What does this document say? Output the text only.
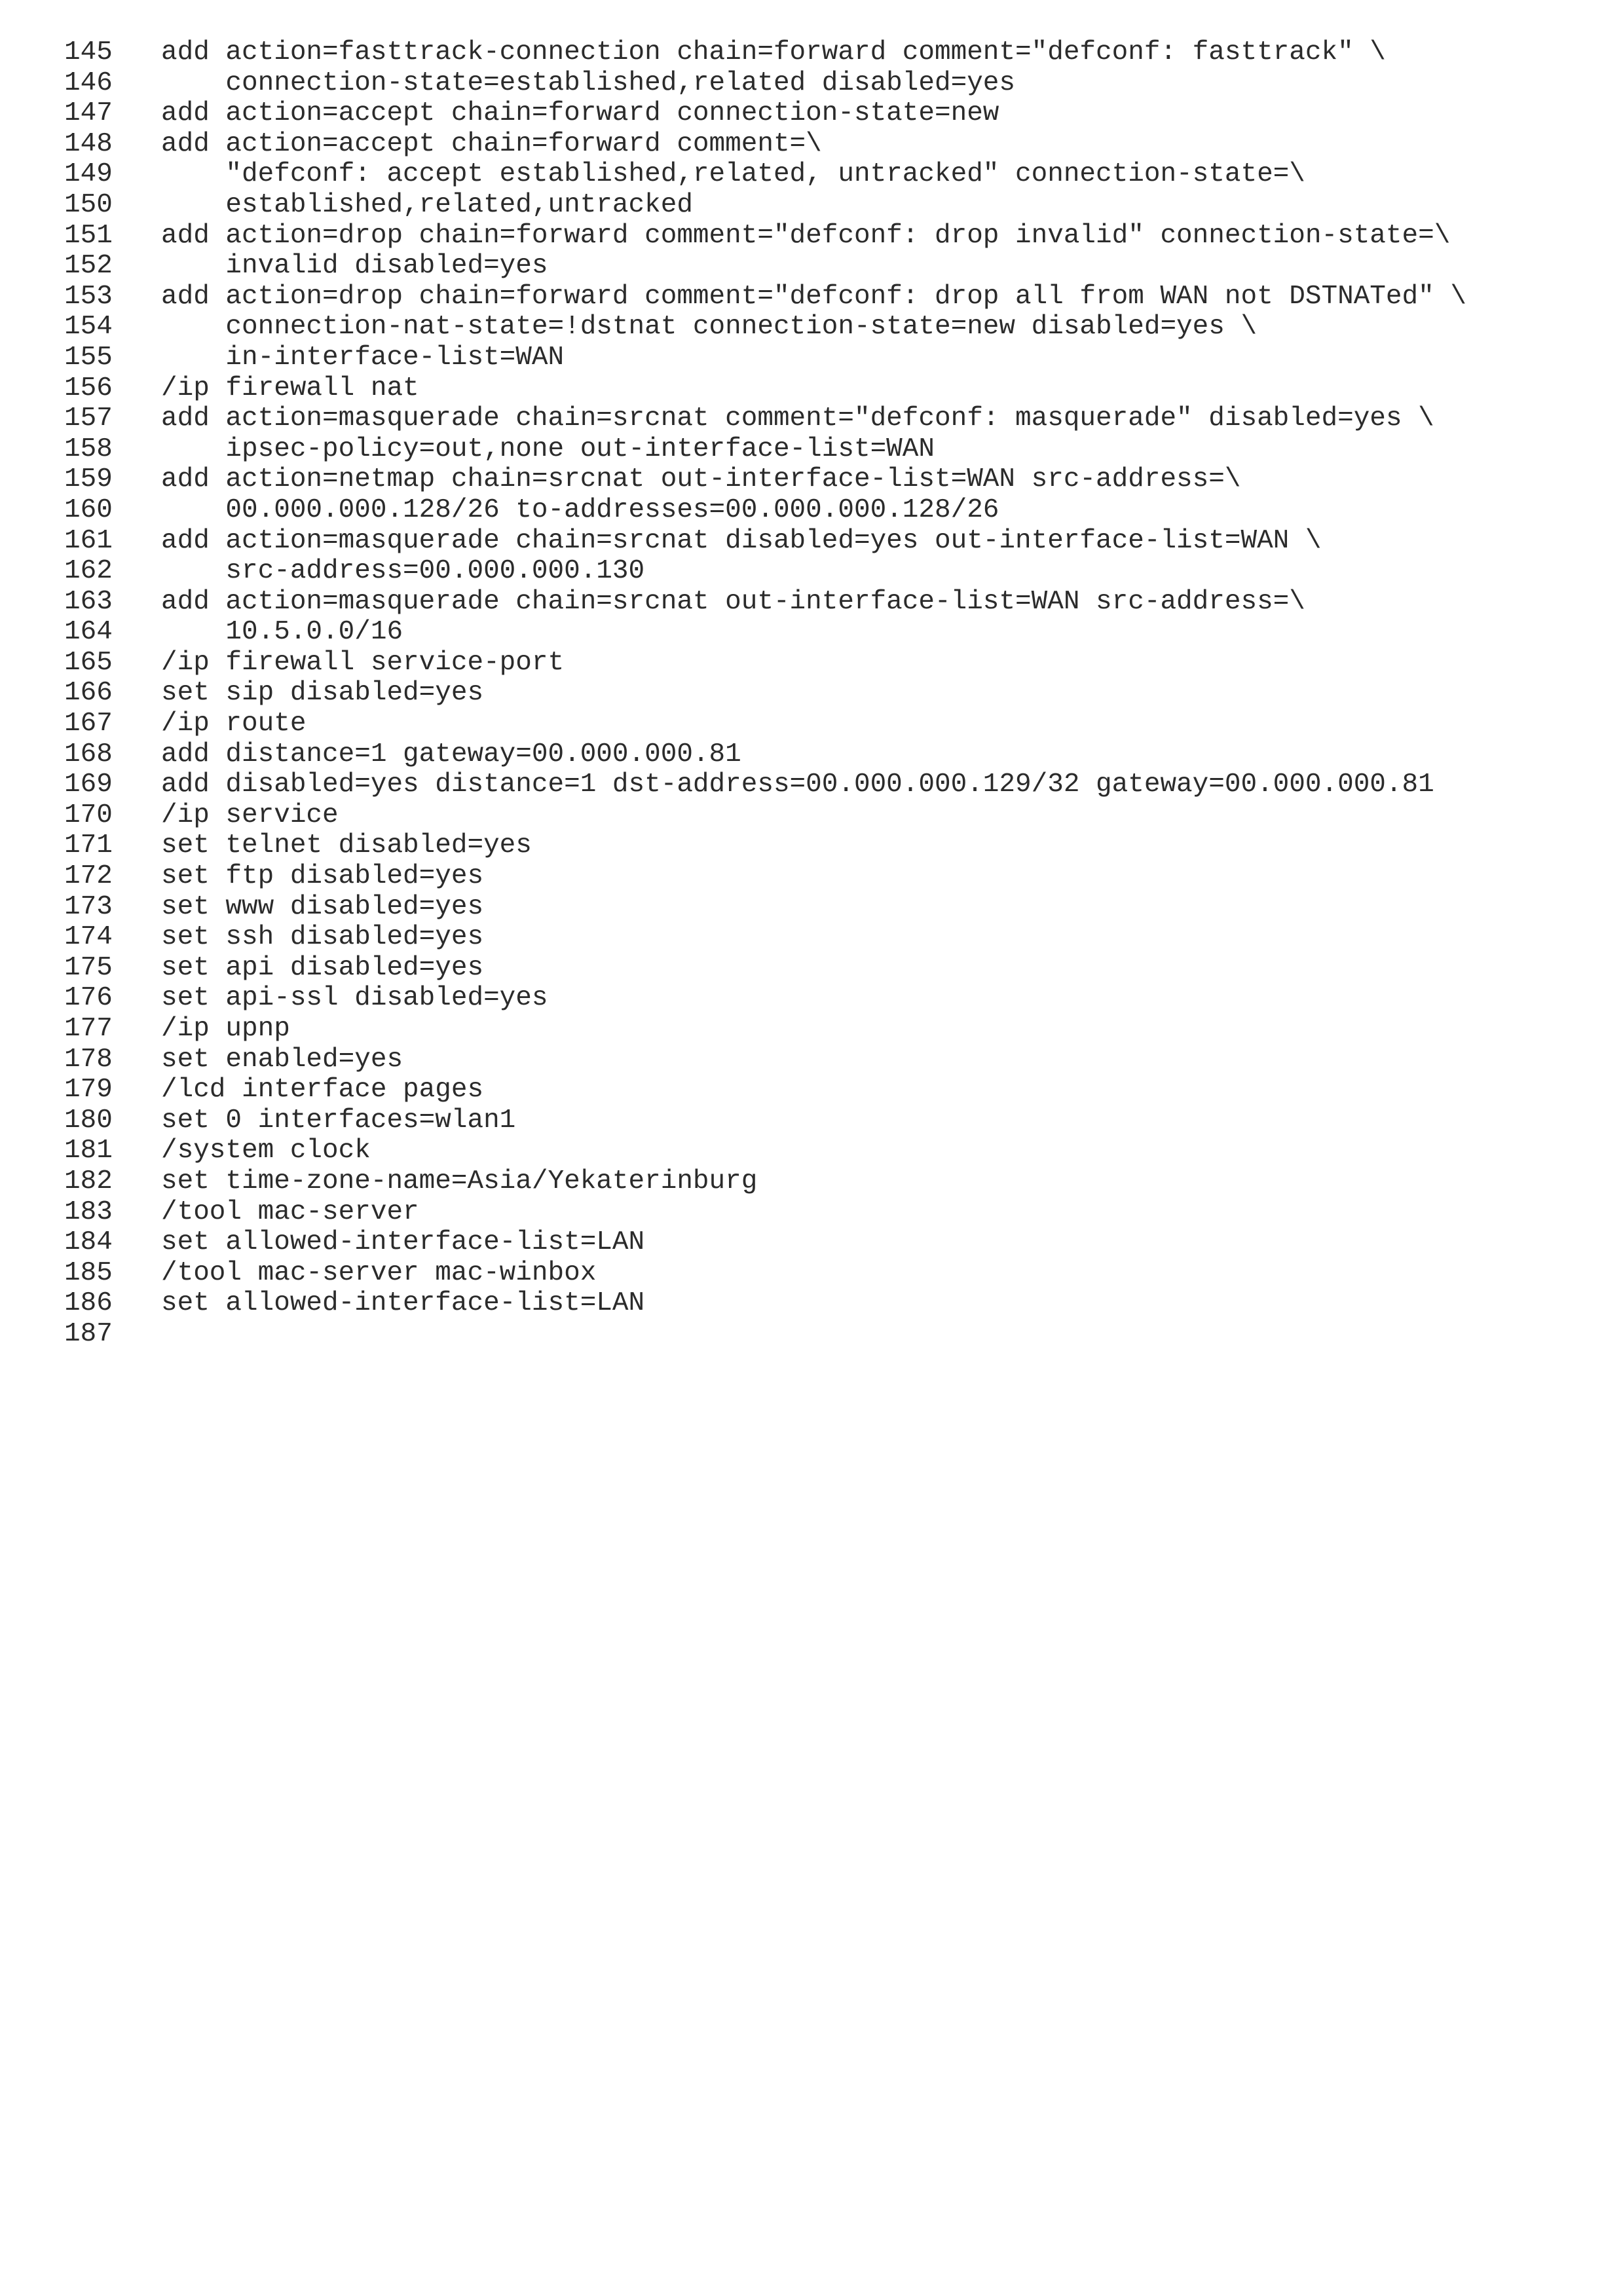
145 add action=fasttrack-connection chain=forward comment="defconf: fasttrack" \
146    connection-state=established,related disabled=yes
147 add action=accept chain=forward connection-state=new
148 add action=accept chain=forward comment=\
149    "defconf: accept established,related, untracked" connection-state=\
150    established,related,untracked
151 add action=drop chain=forward comment="defconf: drop invalid" connection-state=\
152    invalid disabled=yes
153 add action=drop chain=forward comment="defconf: drop all from WAN not DSTNATed" \
154    connection-nat-state=!dstnat connection-state=new disabled=yes \
155    in-interface-list=WAN
156 /ip firewall nat
157 add action=masquerade chain=srcnat comment="defconf: masquerade" disabled=yes \
158    ipsec-policy=out,none out-interface-list=WAN
159 add action=netmap chain=srcnat out-interface-list=WAN src-address=\
160    00.000.000.128/26 to-addresses=00.000.000.128/26
161 add action=masquerade chain=srcnat disabled=yes out-interface-list=WAN \
162    src-address=00.000.000.130
163 add action=masquerade chain=srcnat out-interface-list=WAN src-address=\
164    10.5.0.0/16
165 /ip firewall service-port
166 set sip disabled=yes
167 /ip route
168 add distance=1 gateway=00.000.000.81
169 add disabled=yes distance=1 dst-address=00.000.000.129/32 gateway=00.000.000.81
170 /ip service
171 set telnet disabled=yes
172 set ftp disabled=yes
173 set www disabled=yes
174 set ssh disabled=yes
175 set api disabled=yes
176 set api-ssl disabled=yes
177 /ip upnp
178 set enabled=yes
179 /lcd interface pages
180 set 0 interfaces=wlan1
181 /system clock
182 set time-zone-name=Asia/Yekaterinburg
183 /tool mac-server
184 set allowed-interface-list=LAN
185 /tool mac-server mac-winbox
186 set allowed-interface-list=LAN
187
